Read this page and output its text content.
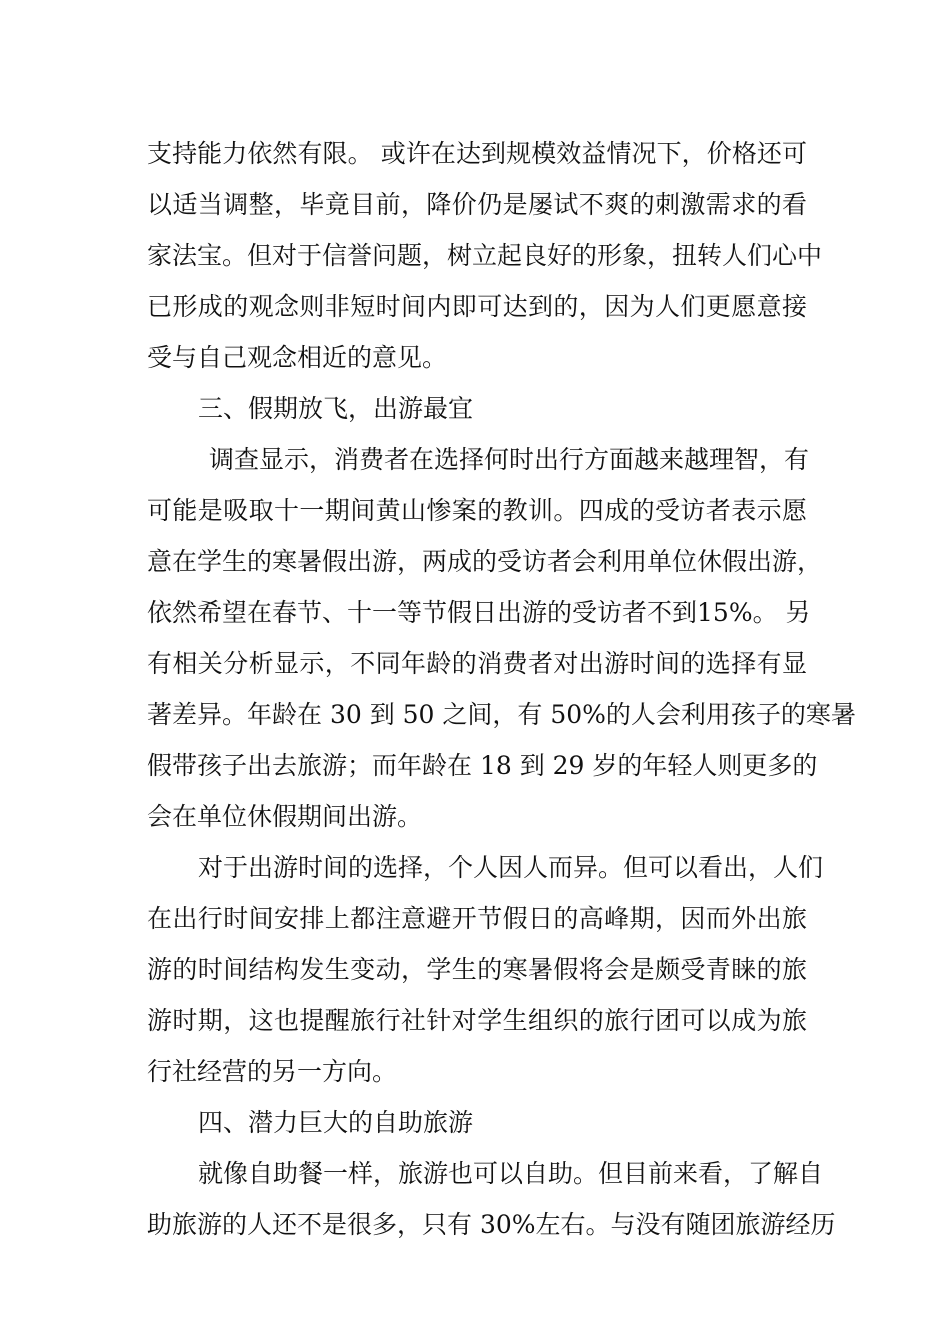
支持能力依然有限。 或许在达到规模效益情况下，价格还可
以适当调整，毕竟目前，降价仍是屡试不爽的刺激需求的看
家法宝。但对于信誉问题，树立起良好的形象，扭转人们心中
已形成的观念则非短时间内即可达到的，因为人们更愿意接
受与自己观念相近的意见。
三、假期放飞，出游最宜
调查显示，消费者在选择何时出行方面越来越理智，有
可能是吸取十一期间黄山惨案的教训。四成的受访者表示愿
意在学生的寒暑假出游，两成的受访者会利用单位休假出游，
依然希望在春节、十一等节假日出游的受访者不到15%。 另
有相关分析显示，不同年龄的消费者对出游时间的选择有显
著差异。年龄在 30 到 50 之间，有 50%的人会利用孩子的寒暑
假带孩子出去旅游；而年龄在 18 到 29 岁的年轻人则更多的
会在单位休假期间出游。
对于出游时间的选择，个人因人而异。但可以看出，人们
在出行时间安排上都注意避开节假日的高峰期，因而外出旅
游的时间结构发生变动，学生的寒暑假将会是颇受青睐的旅
游时期，这也提醒旅行社针对学生组织的旅行团可以成为旅
行社经营的另一方向。
四、潜力巨大的自助旅游
就像自助餐一样，旅游也可以自助。但目前来看，了解自
助旅游的人还不是很多，只有 30%左右。与没有随团旅游经历
